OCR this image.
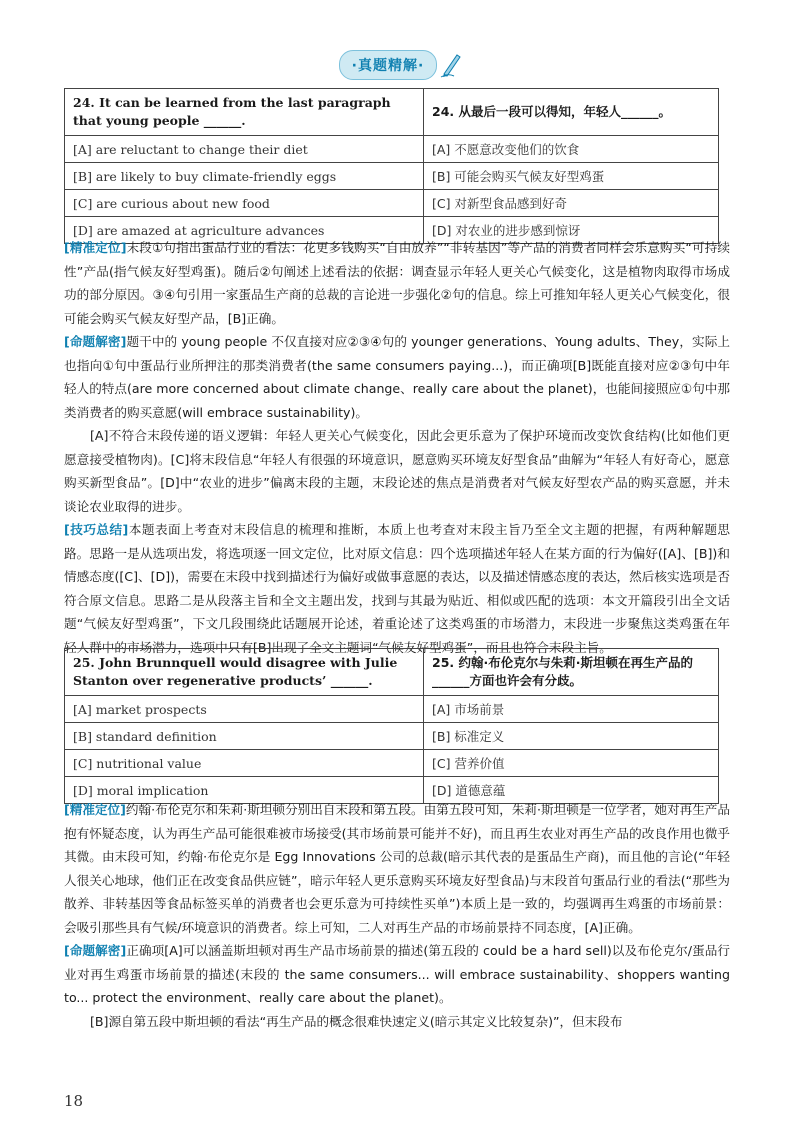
·真题精解·
24. It can be learned from the last paragraph that young people ______.	24. 从最后一段可以得知，年轻人______。
[A] are reluctant to change their diet	[A] 不愿意改变他们的饮食
[B] are likely to buy climate-friendly eggs	[B] 可能会购买气候友好型鸡蛋
[C] are curious about new food	[C] 对新型食品感到好奇
[D] are amazed at agriculture advances	[D] 对农业的进步感到惊讶

[精准定位]末段①句指出蛋品行业的看法：花更多钱购买“自由放养”“非转基因”等产品的消费者同样会乐意购买“可持续性”产品(指气候友好型鸡蛋)。随后②句阐述上述看法的依据：调查显示年轻人更关心气候变化，这是植物肉取得市场成功的部分原因。③④句引用一家蛋品生产商的总裁的言论进一步强化②句的信息。综上可推知年轻人更关心气候变化，很可能会购买气候友好型产品，[B]正确。

[命题解密]题干中的 young people 不仅直接对应②③④句的 younger generations、Young adults、They，实际上也指向①句中蛋品行业所押注的那类消费者(the same consumers paying...)，而正确项[B]既能直接对应②③句中年轻人的特点(are more concerned about climate change、really care about the planet)，也能间接照应①句中那类消费者的购买意愿(will embrace sustainability)。

[A]不符合末段传递的语义逻辑：年轻人更关心气候变化，因此会更乐意为了保护环境而改变饮食结构(比如他们更愿意接受植物肉)。[C]将末段信息“年轻人有很强的环境意识，愿意购买环境友好型食品”曲解为“年轻人有好奇心，愿意购买新型食品”。[D]中“农业的进步”偏离末段的主题，末段论述的焦点是消费者对气候友好型农产品的购买意愿，并未谈论农业取得的进步。

[技巧总结]本题表面上考查对末段信息的梳理和推断，本质上也考查对末段主旨乃至全文主题的把握，有两种解题思路。思路一是从选项出发，将选项逐一回文定位，比对原文信息：四个选项描述年轻人在某方面的行为偏好([A]、[B])和情感态度([C]、[D])，需要在末段中找到描述行为偏好或做事意愿的表达，以及描述情感态度的表达，然后核实选项是否符合原文信息。思路二是从段落主旨和全文主题出发，找到与其最为贴近、相似或匹配的选项：本文开篇段引出全文话题“气候友好型鸡蛋”，下文几段围绕此话题展开论述，着重论述了这类鸡蛋的市场潜力，末段进一步聚焦这类鸡蛋在年轻人群中的市场潜力，选项中只有[B]出现了全文主题词“气候友好型鸡蛋”，而且也符合末段主旨。

25. John Brunnquell would disagree with Julie Stanton over regenerative products’ ______.	25. 约翰·布伦克尔与朱莉·斯坦顿在再生产品的______方面也许会有分歧。
[A] market prospects	[A] 市场前景
[B] standard definition	[B] 标准定义
[C] nutritional value	[C] 营养价值
[D] moral implication	[D] 道德意蕴

[精准定位]约翰·布伦克尔和朱莉·斯坦顿分别出自末段和第五段。由第五段可知，朱莉·斯坦顿是一位学者，她对再生产品抱有怀疑态度，认为再生产品可能很难被市场接受(其市场前景可能并不好)，而且再生农业对再生产品的改良作用也微乎其微。由末段可知，约翰·布伦克尔是 Egg Innovations 公司的总裁(暗示其代表的是蛋品生产商)，而且他的言论(“年轻人很关心地球，他们正在改变食品供应链”，暗示年轻人更乐意购买环境友好型食品)与末段首句蛋品行业的看法(“那些为散养、非转基因等食品标签买单的消费者也会更乐意为可持续性买单”)本质上是一致的，均强调再生鸡蛋的市场前景：会吸引那些具有气候/环境意识的消费者。综上可知，二人对再生产品的市场前景持不同态度，[A]正确。

[命题解密]正确项[A]可以涵盖斯坦顿对再生产品市场前景的描述(第五段的 could be a hard sell)以及布伦克尔/蛋品行业对再生鸡蛋市场前景的描述(末段的 the same consumers... will embrace sustainability、shoppers wanting to... protect the environment、really care about the planet)。

[B]源自第五段中斯坦顿的看法“再生产品的概念很难快速定义(暗示其定义比较复杂)”，但末段布

18
